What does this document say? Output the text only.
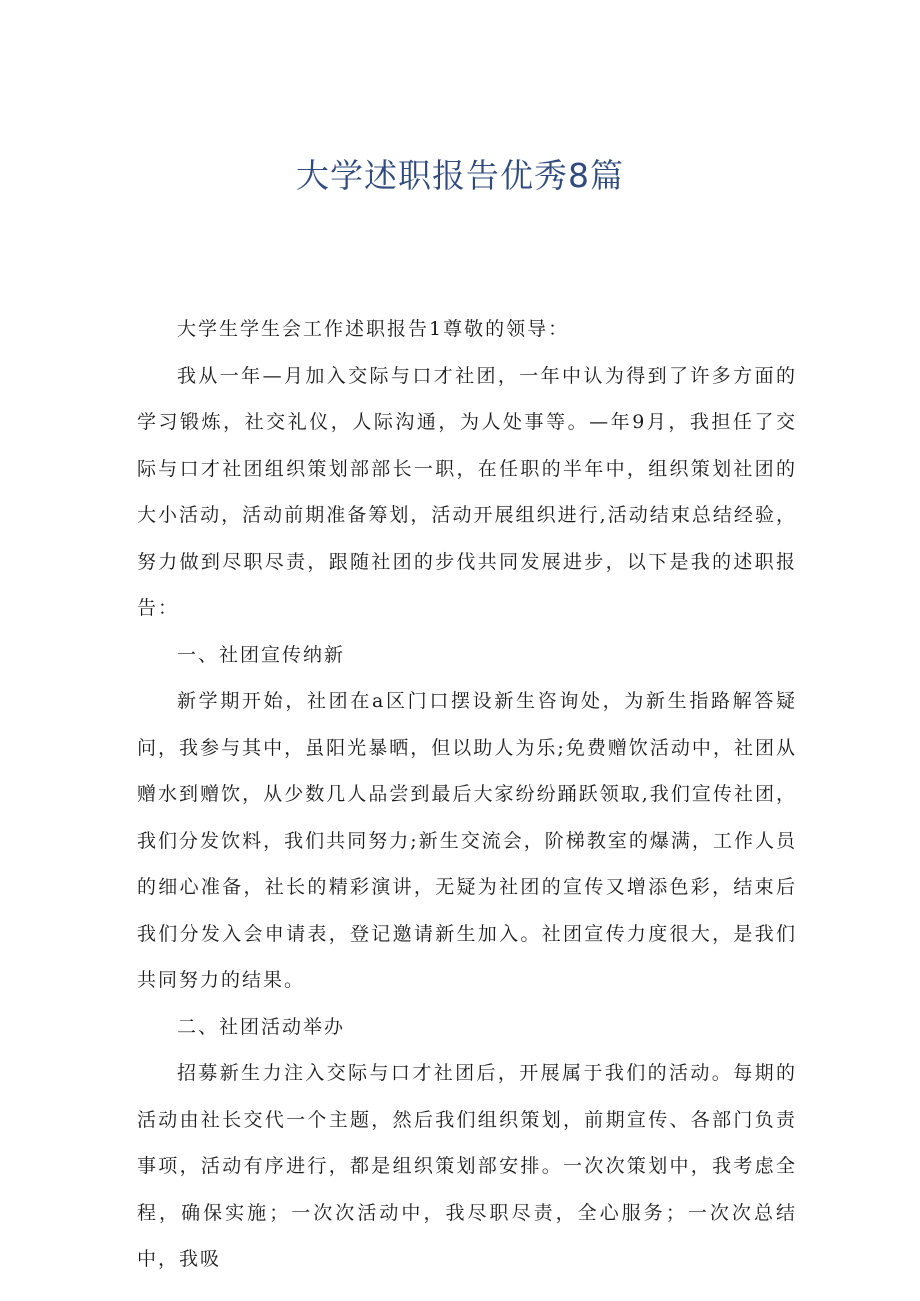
大学述职报告优秀8篇

大学生学生会工作述职报告1尊敬的领导：

我从一年—月加入交际与口才社团，一年中认为得到了许多方面的学习锻炼，社交礼仪，人际沟通，为人处事等。—年9月，我担任了交际与口才社团组织策划部部长一职，在任职的半年中，组织策划社团的大小活动，活动前期准备筹划，活动开展组织进行,活动结束总结经验，努力做到尽职尽责，跟随社团的步伐共同发展进步，以下是我的述职报告：

一、社团宣传纳新

新学期开始，社团在a区门口摆设新生咨询处，为新生指路解答疑问，我参与其中，虽阳光暴晒，但以助人为乐;免费赠饮活动中，社团从赠水到赠饮，从少数几人品尝到最后大家纷纷踊跃领取,我们宣传社团，我们分发饮料，我们共同努力;新生交流会，阶梯教室的爆满，工作人员的细心准备，社长的精彩演讲，无疑为社团的宣传又增添色彩，结束后我们分发入会申请表，登记邀请新生加入。社团宣传力度很大，是我们共同努力的结果。

二、社团活动举办

招募新生力注入交际与口才社团后，开展属于我们的活动。每期的活动由社长交代一个主题，然后我们组织策划，前期宣传、各部门负责事项，活动有序进行，都是组织策划部安排。一次次策划中，我考虑全程，确保实施；一次次活动中，我尽职尽责，全心服务；一次次总结中，我吸
